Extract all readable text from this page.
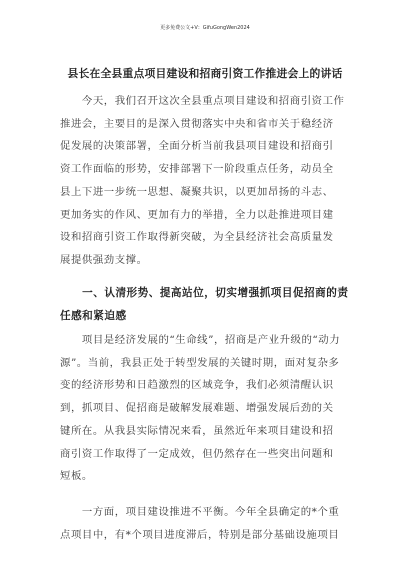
更多免费公文+V：GifuGongWen2024
县长在全县重点项目建设和招商引资工作推进会上的讲话
　　今天，我们召开这次全县重点项目建设和招商引资工作
推进会，主要目的是深入贯彻落实中央和省市关于稳经济
促发展的决策部署，全面分析当前我县项目建设和招商引
资工作面临的形势，安排部署下一阶段重点任务，动员全
县上下进一步统一思想、凝聚共识，以更加昂扬的斗志、
更加务实的作风、更加有力的举措，全力以赴推进项目建
设和招商引资工作取得新突破，为全县经济社会高质量发
展提供强劲支撑。
　　一、认清形势、提高站位，切实增强抓项目促招商的责
任感和紧迫感
　　项目是经济发展的“生命线”，招商是产业升级的“动力
源”。当前，我县正处于转型发展的关键时期，面对复杂多
变的经济形势和日趋激烈的区域竞争，我们必须清醒认识
到，抓项目、促招商是破解发展难题、增强发展后劲的关
键所在。从我县实际情况来看，虽然近年来项目建设和招
商引资工作取得了一定成效，但仍然存在一些突出问题和
短板。
　　一方面，项目建设推进不平衡。今年全县确定的*个重
点项目中，有*个项目进度滞后，特别是部分基础设施项目
